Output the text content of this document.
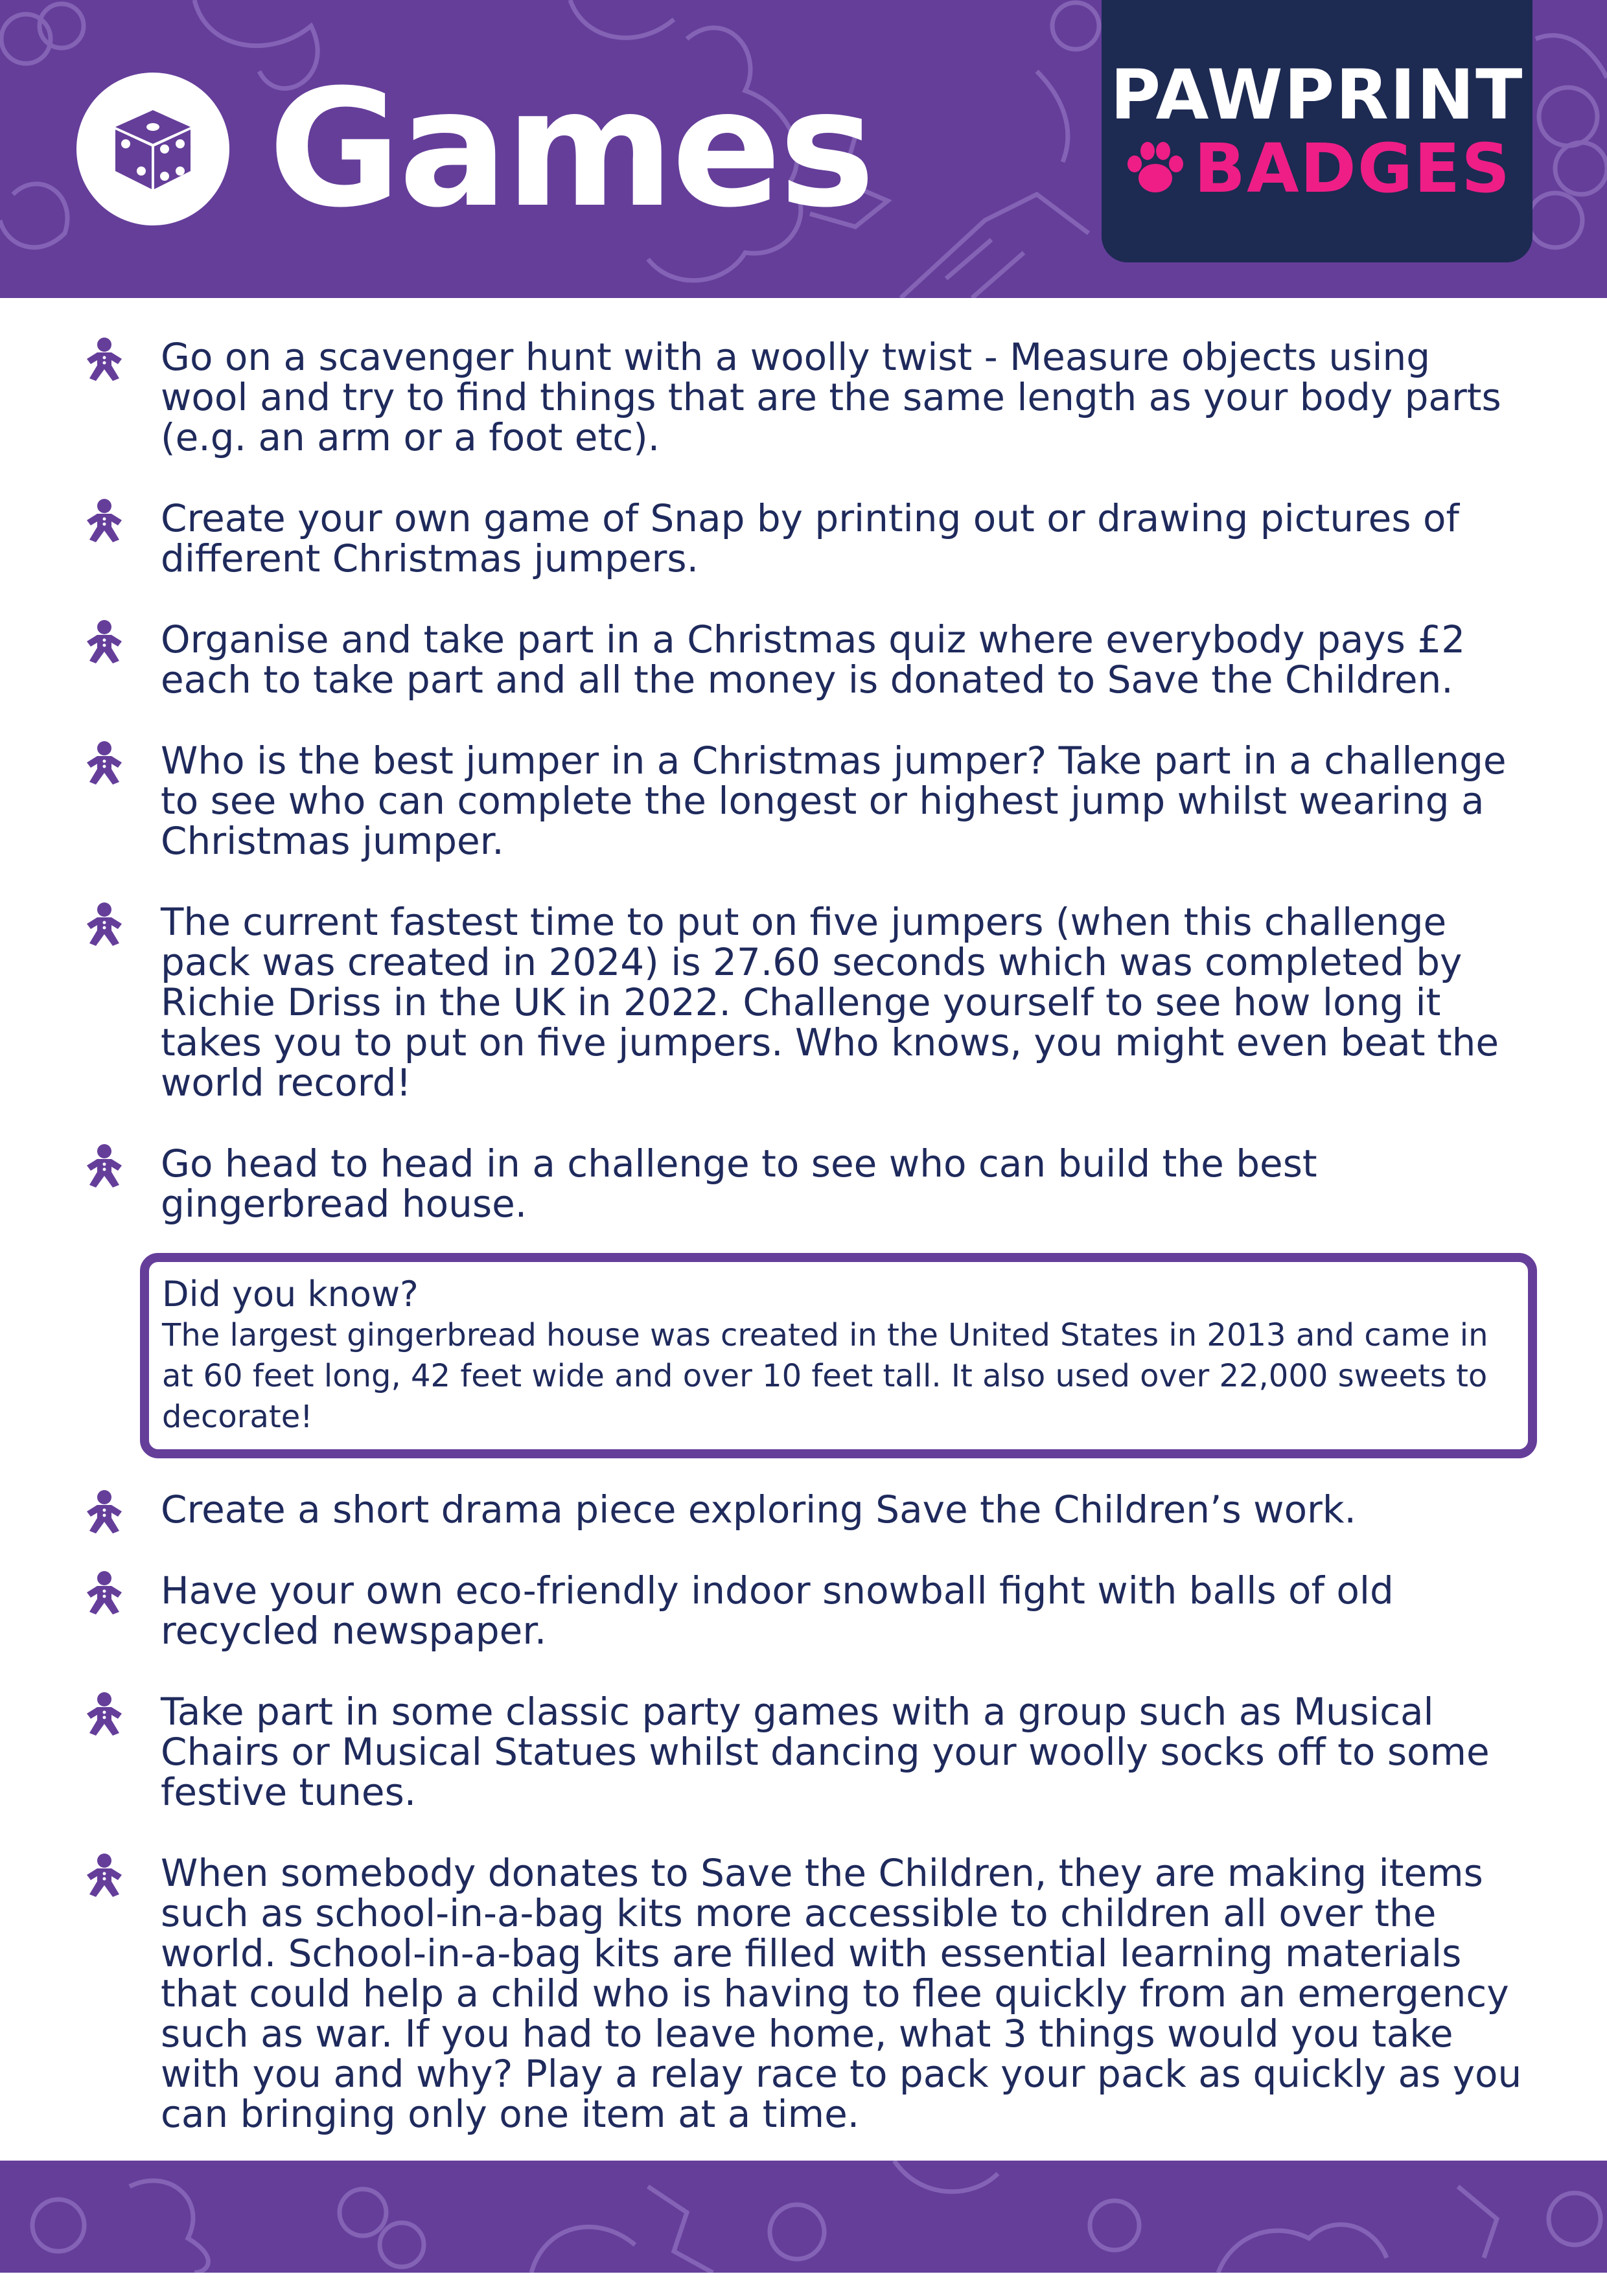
Games	PAWPRINT
BADGES
Go on a scavenger hunt with a woolly twist - Measure objects using wool and try to find things that are the same length as your body parts (e.g. an arm or a foot etc).
Create your own game of Snap by printing out or drawing pictures of different Christmas jumpers.
Organise and take part in a Christmas quiz where everybody pays £2 each to take part and all the money is donated to Save the Children.
Who is the best jumper in a Christmas jumper? Take part in a challenge to see who can complete the longest or highest jump whilst wearing a Christmas jumper.
The current fastest time to put on five jumpers (when this challenge pack was created in 2024) is 27.60 seconds which was completed by Richie Driss in the UK in 2022. Challenge yourself to see how long it takes you to put on five jumpers. Who knows, you might even beat the world record!
Go head to head in a challenge to see who can build the best gingerbread house.
Did you know?
The largest gingerbread house was created in the United States in 2013 and came in at 60 feet long, 42 feet wide and over 10 feet tall. It also used over 22,000 sweets to decorate!
Create a short drama piece exploring Save the Children’s work.
Have your own eco-friendly indoor snowball fight with balls of old recycled newspaper.
Take part in some classic party games with a group such as Musical Chairs or Musical Statues whilst dancing your woolly socks off to some festive tunes.
When somebody donates to Save the Children, they are making items such as school-in-a-bag kits more accessible to children all over the world. School-in-a-bag kits are filled with essential learning materials that could help a child who is having to flee quickly from an emergency such as war. If you had to leave home, what 3 things would you take with you and why? Play a relay race to pack your pack as quickly as you can bringing only one item at a time.
